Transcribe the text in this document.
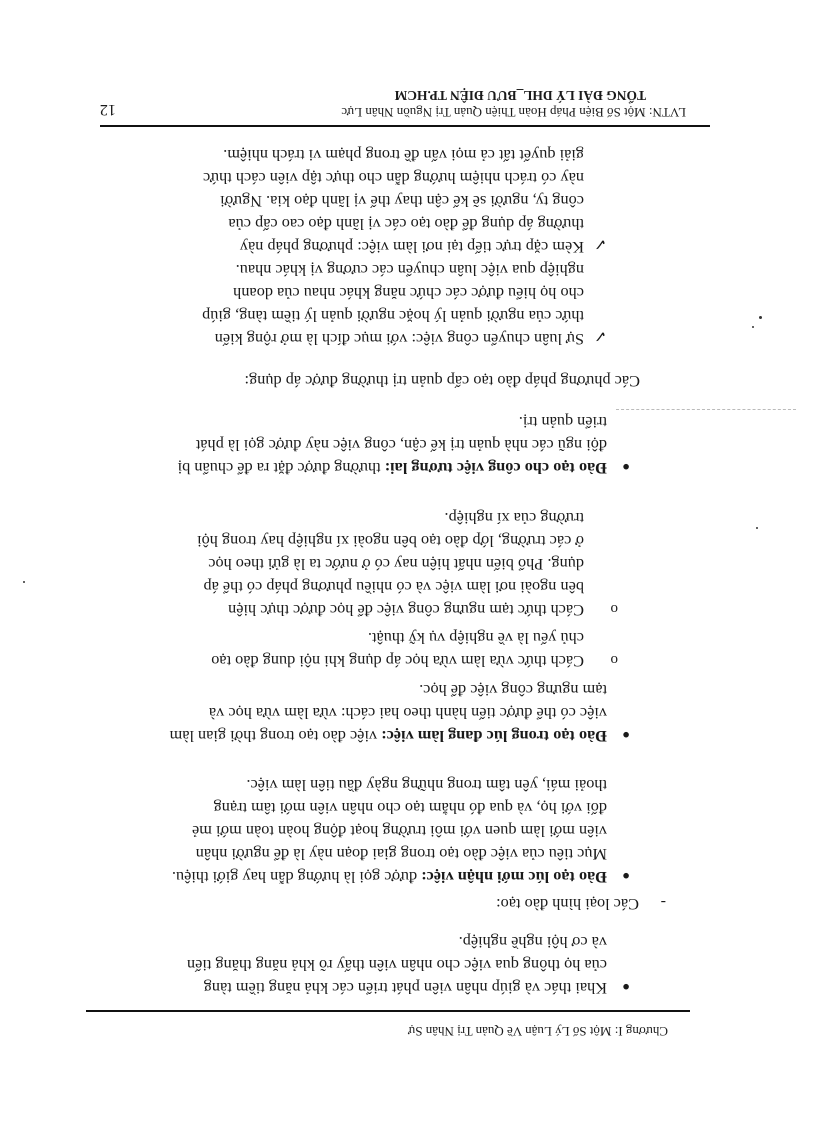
Chương I: Một Số Lý Luận Về Quản Trị Nhân Sự
●
Khai thác và giúp nhân viên phát triển các khả năng tiềm tàng
của họ thông qua việc cho nhân viên thấy rõ khả năng thăng tiến
và cơ hội nghề nghiệp.
-
Các loại hình đào tạo:
●
Đào tạo lúc mới nhận việc: được gọi là hướng dẫn hay giới thiệu.
Mục tiêu của việc đào tạo trong giai đoạn này là để người nhân
viên mới làm quen với môi trường hoạt động hoàn toàn mới mẻ
đối với họ, và qua đó nhằm tạo cho nhân viên mới tâm trạng
thoải mái, yên tâm trong những ngày đầu tiên làm việc.
●
Đào tạo trong lúc đang làm việc: việc đào tạo trong thời gian làm
việc có thể được tiến hành theo hai cách: vừa làm vừa học và
tạm ngưng công việc để học.
o
Cách thức vừa làm vừa học áp dụng khi nội dung đào tạo
chủ yếu là về nghiệp vụ kỹ thuật.
o
Cách thức tạm ngưng công việc để học được thực hiện
bên ngoài nơi làm việc và có nhiều phương pháp có thể áp
dụng. Phổ biến nhất hiện nay có ở nước ta là gửi theo học
ở các trường, lớp đào tạo bên ngoài xí nghiệp hay trong hội
trường của xí nghiệp.
●
Đào tạo cho công việc tương lai: thường được đặt ra để chuẩn bị
đội ngũ các nhà quản trị kế cận, công việc này được gọi là phát
triển quản trị.
Các phương pháp đào tạo cấp quản trị thường được áp dụng:
✓
Sự luân chuyển công việc: với mục đích là mở rộng kiến
thức của người quản lý hoặc người quản lý tiềm tàng, giúp
cho họ hiểu được các chức năng khác nhau của doanh
nghiệp qua việc luân chuyển các cương vị khác nhau.
✓
Kèm cặp trực tiếp tại nơi làm việc: phương pháp này
thường áp dụng để đào tạo các vị lãnh đạo cao cấp của
công ty, người sẽ kế cận thay thế vị lãnh đạo kia. Người
này có trách nhiệm hướng dẫn cho thực tập viên cách thức
giải quyết tất cả mọi vấn đề trong phạm vi trách nhiệm.
LVTN: Một Số Biện Pháp Hoàn Thiện Quản Trị Nguồn Nhân Lực
12
TỔNG ĐÀI LÝ DHL_BƯU ĐIỆN TP.HCM
